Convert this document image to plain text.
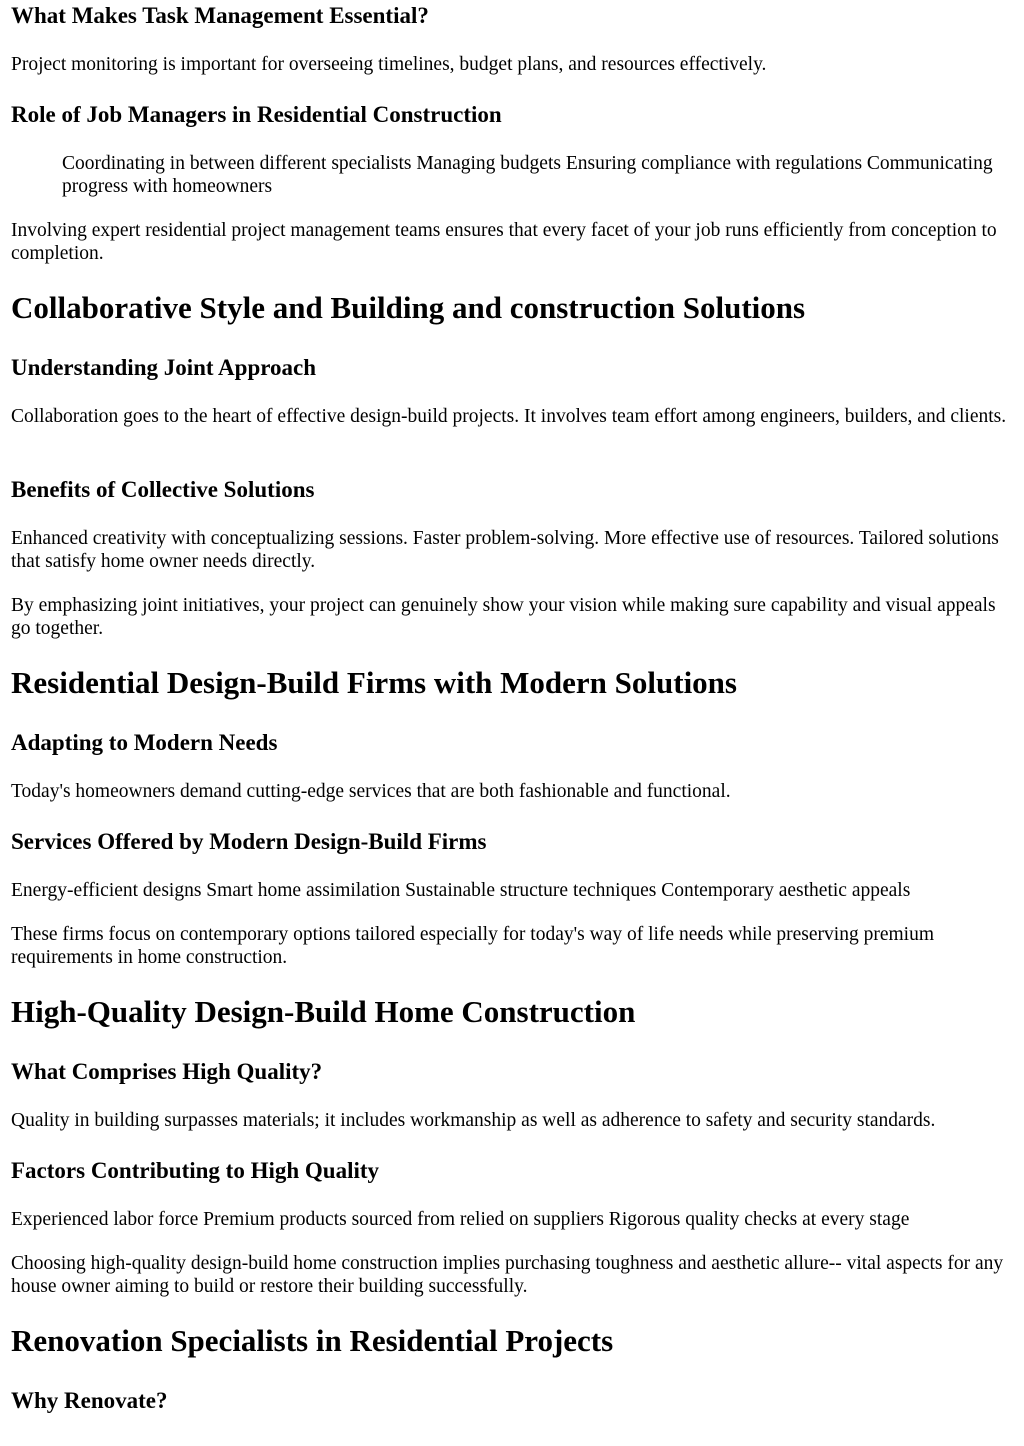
What Makes Task Management Essential?

Project monitoring is important for overseeing timelines, budget plans, and resources effectively.

Role of Job Managers in Residential Construction
Coordinating in between different specialists Managing budgets Ensuring compliance with regulations Communicating progress with homeowners

Involving expert residential project management teams ensures that every facet of your job runs efficiently from conception to completion.

Collaborative Style and Building and construction Solutions
Understanding Joint Approach

Collaboration goes to the heart of effective design-build projects. It involves team effort among engineers, builders, and clients.

Benefits of Collective Solutions

Enhanced creativity with conceptualizing sessions. Faster problem-solving. More effective use of resources. Tailored solutions that satisfy home owner needs directly.

By emphasizing joint initiatives, your project can genuinely show your vision while making sure capability and visual appeals go together.

Residential Design-Build Firms with Modern Solutions
Adapting to Modern Needs

Today's homeowners demand cutting-edge services that are both fashionable and functional.

Services Offered by Modern Design-Build Firms

Energy-efficient designs Smart home assimilation Sustainable structure techniques Contemporary aesthetic appeals

These firms focus on contemporary options tailored especially for today's way of life needs while preserving premium requirements in home construction.

High-Quality Design-Build Home Construction
What Comprises High Quality?

Quality in building surpasses materials; it includes workmanship as well as adherence to safety and security standards.

Factors Contributing to High Quality

Experienced labor force Premium products sourced from relied on suppliers Rigorous quality checks at every stage

Choosing high-quality design-build home construction implies purchasing toughness and aesthetic allure-- vital aspects for any house owner aiming to build or restore their building successfully.

Renovation Specialists in Residential Projects
Why Renovate?
